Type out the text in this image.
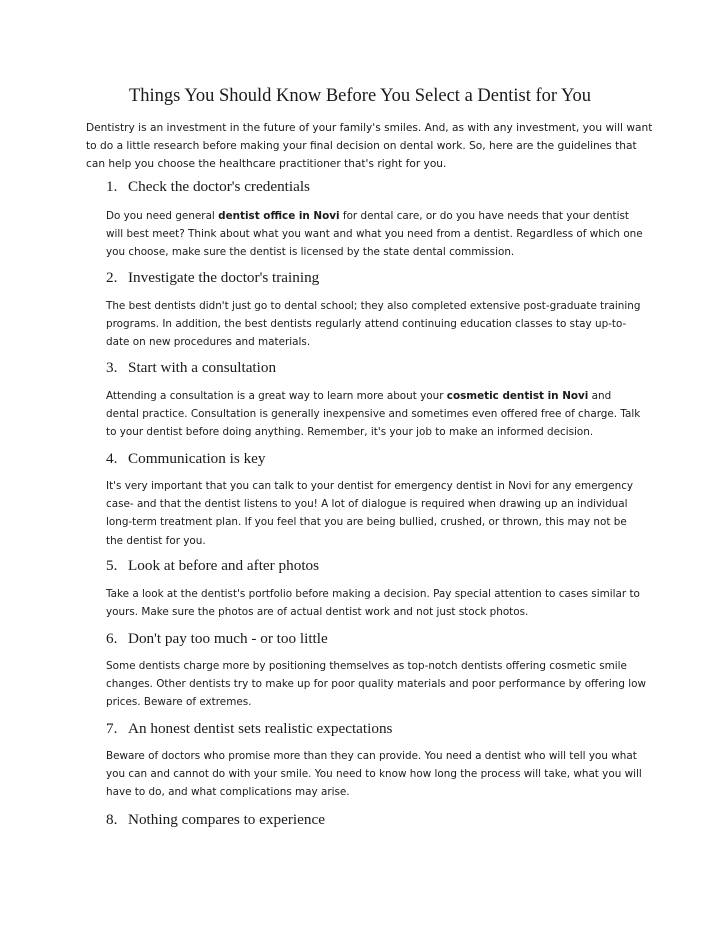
Things You Should Know Before You Select a Dentist for You

Dentistry is an investment in the future of your family's smiles. And, as with any investment, you will want to do a little research before making your final decision on dental work. So, here are the guidelines that can help you choose the healthcare practitioner that's right for you.

1. Check the doctor's credentials

Do you need general dentist office in Novi for dental care, or do you have needs that your dentist will best meet? Think about what you want and what you need from a dentist. Regardless of which one you choose, make sure the dentist is licensed by the state dental commission.

2. Investigate the doctor's training

The best dentists didn't just go to dental school; they also completed extensive post-graduate training programs. In addition, the best dentists regularly attend continuing education classes to stay up-to-date on new procedures and materials.

3. Start with a consultation

Attending a consultation is a great way to learn more about your cosmetic dentist in Novi and dental practice. Consultation is generally inexpensive and sometimes even offered free of charge. Talk to your dentist before doing anything. Remember, it's your job to make an informed decision.

4. Communication is key

It's very important that you can talk to your dentist for emergency dentist in Novi for any emergency case- and that the dentist listens to you! A lot of dialogue is required when drawing up an individual long-term treatment plan. If you feel that you are being bullied, crushed, or thrown, this may not be the dentist for you.

5. Look at before and after photos

Take a look at the dentist's portfolio before making a decision. Pay special attention to cases similar to yours. Make sure the photos are of actual dentist work and not just stock photos.

6. Don't pay too much - or too little

Some dentists charge more by positioning themselves as top-notch dentists offering cosmetic smile changes. Other dentists try to make up for poor quality materials and poor performance by offering low prices. Beware of extremes.

7. An honest dentist sets realistic expectations

Beware of doctors who promise more than they can provide. You need a dentist who will tell you what you can and cannot do with your smile. You need to know how long the process will take, what you will have to do, and what complications may arise.

8. Nothing compares to experience
